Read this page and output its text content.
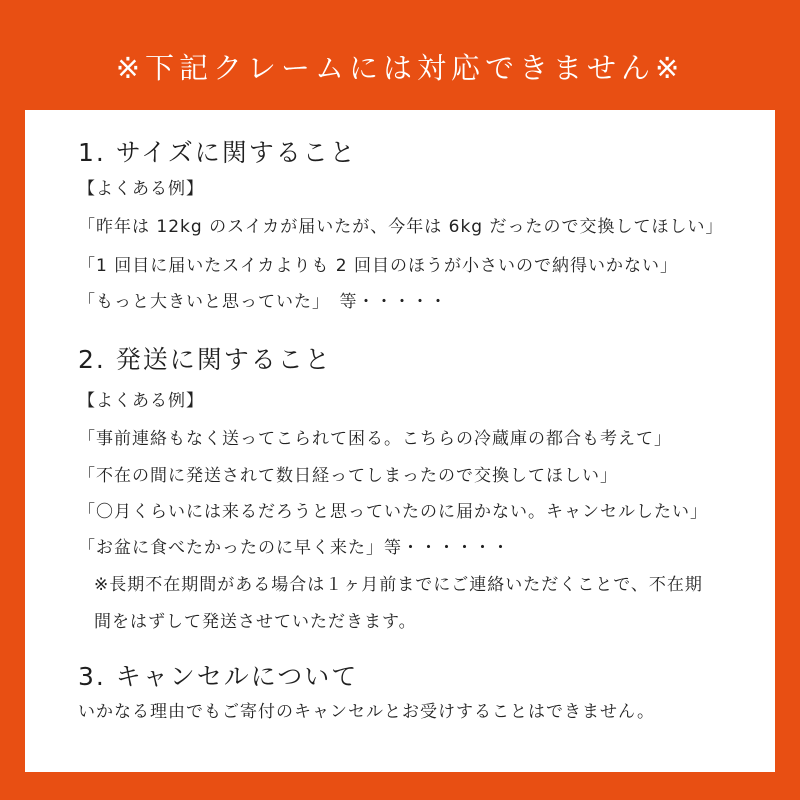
※下記クレームには対応できません※
1. サイズに関すること
【よくある例】
「昨年は 12kg のスイカが届いたが、今年は 6kg だったので交換してほしい」
「1 回目に届いたスイカよりも 2 回目のほうが小さいので納得いかない」
「もっと大きいと思っていた」　等・・・・・
2. 発送に関すること
【よくある例】
「事前連絡もなく送ってこられて困る。こちらの冷蔵庫の都合も考えて」
「不在の間に発送されて数日経ってしまったので交換してほしい」
「〇月くらいには来るだろうと思っていたのに届かない。キャンセルしたい」
「お盆に食べたかったのに早く来た」等・・・・・・
※長期不在期間がある場合は１ヶ月前までにご連絡いただくことで、不在期
間をはずして発送させていただきます。
3. キャンセルについて
いかなる理由でもご寄付のキャンセルとお受けすることはできません。
